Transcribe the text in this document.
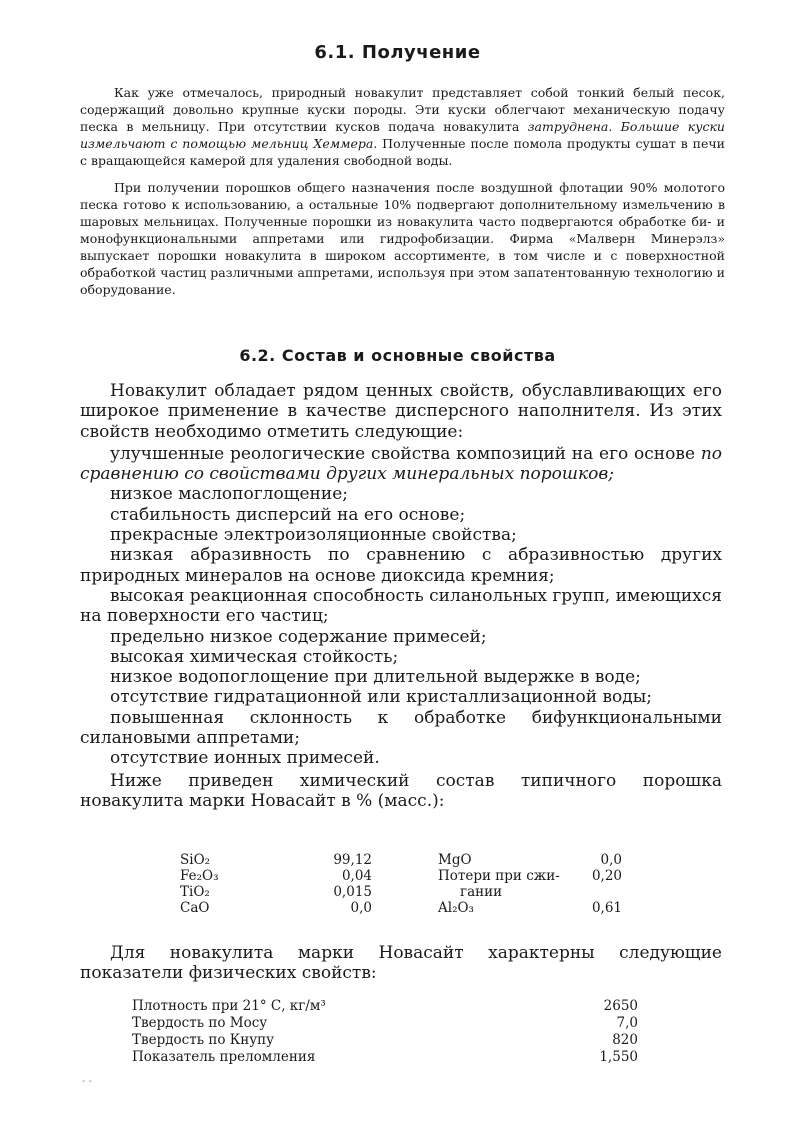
6.1. Получение

Как уже отмечалось, природный новакулит представляет собой тонкий белый песок, содержащий довольно крупные куски породы. Эти куски облегчают механическую подачу песка в мельницу. При отсутствии кусков подача новакулита затруднена. Большие куски измельчают с помощью мельниц Хеммера. Полученные после помола продукты сушат в печи с вращающейся камерой для удаления свободной воды.

При получении порошков общего назначения после воздушной флотации 90% молотого песка готово к использованию, а остальные 10% подвергают дополнительному измельчению в шаровых мельницах. Полученные порошки из новакулита часто подвергаются обработке би- и монофункциональными аппретами или гидрофобизации. Фирма «Малверн Минерэлз» выпускает порошки новакулита в широком ассортименте, в том числе и с поверхностной обработкой частиц различными аппретами, используя при этом запатентованную технологию и оборудование.

6.2. Состав и основные свойства

Новакулит обладает рядом ценных свойств, обуславливающих его широкое применение в качестве дисперсного наполнителя. Из этих свойств необходимо отметить следующие:

улучшенные реологические свойства композиций на его основе по сравнению со свойствами других минеральных порошков;

низкое маслопоглощение;

стабильность дисперсий на его основе;

прекрасные электроизоляционные свойства;

низкая абразивность по сравнению с абразивностью других природных минералов на основе диоксида кремния;

высокая реакционная способность силанольных групп, имеющихся на поверхности его частиц;

предельно низкое содержание примесей;

высокая химическая стойкость;

низкое водопоглощение при длительной выдержке в воде;

отсутствие гидратационной или кристаллизационной воды;

повышенная склонность к обработке бифункциональными силановыми аппретами;

отсутствие ионных примесей.

Ниже приведен химический состав типичного порошка новакулита марки Новасайт в % (масс.):

SiO₂	99,12		MgO	0,0
Fe₂O₃	0,04		Потери при сжи-	0,20
TiO₂	0,015		гании	
CaO	0,0		Al₂O₃	0,61

Для новакулита марки Новасайт характерны следующие показатели физических свойств:

Плотность при 21° С, кг/м³	2650
Твердость по Мосу	7,0
Твердость по Кнупу	820
Показатель преломления	1,550
- -
